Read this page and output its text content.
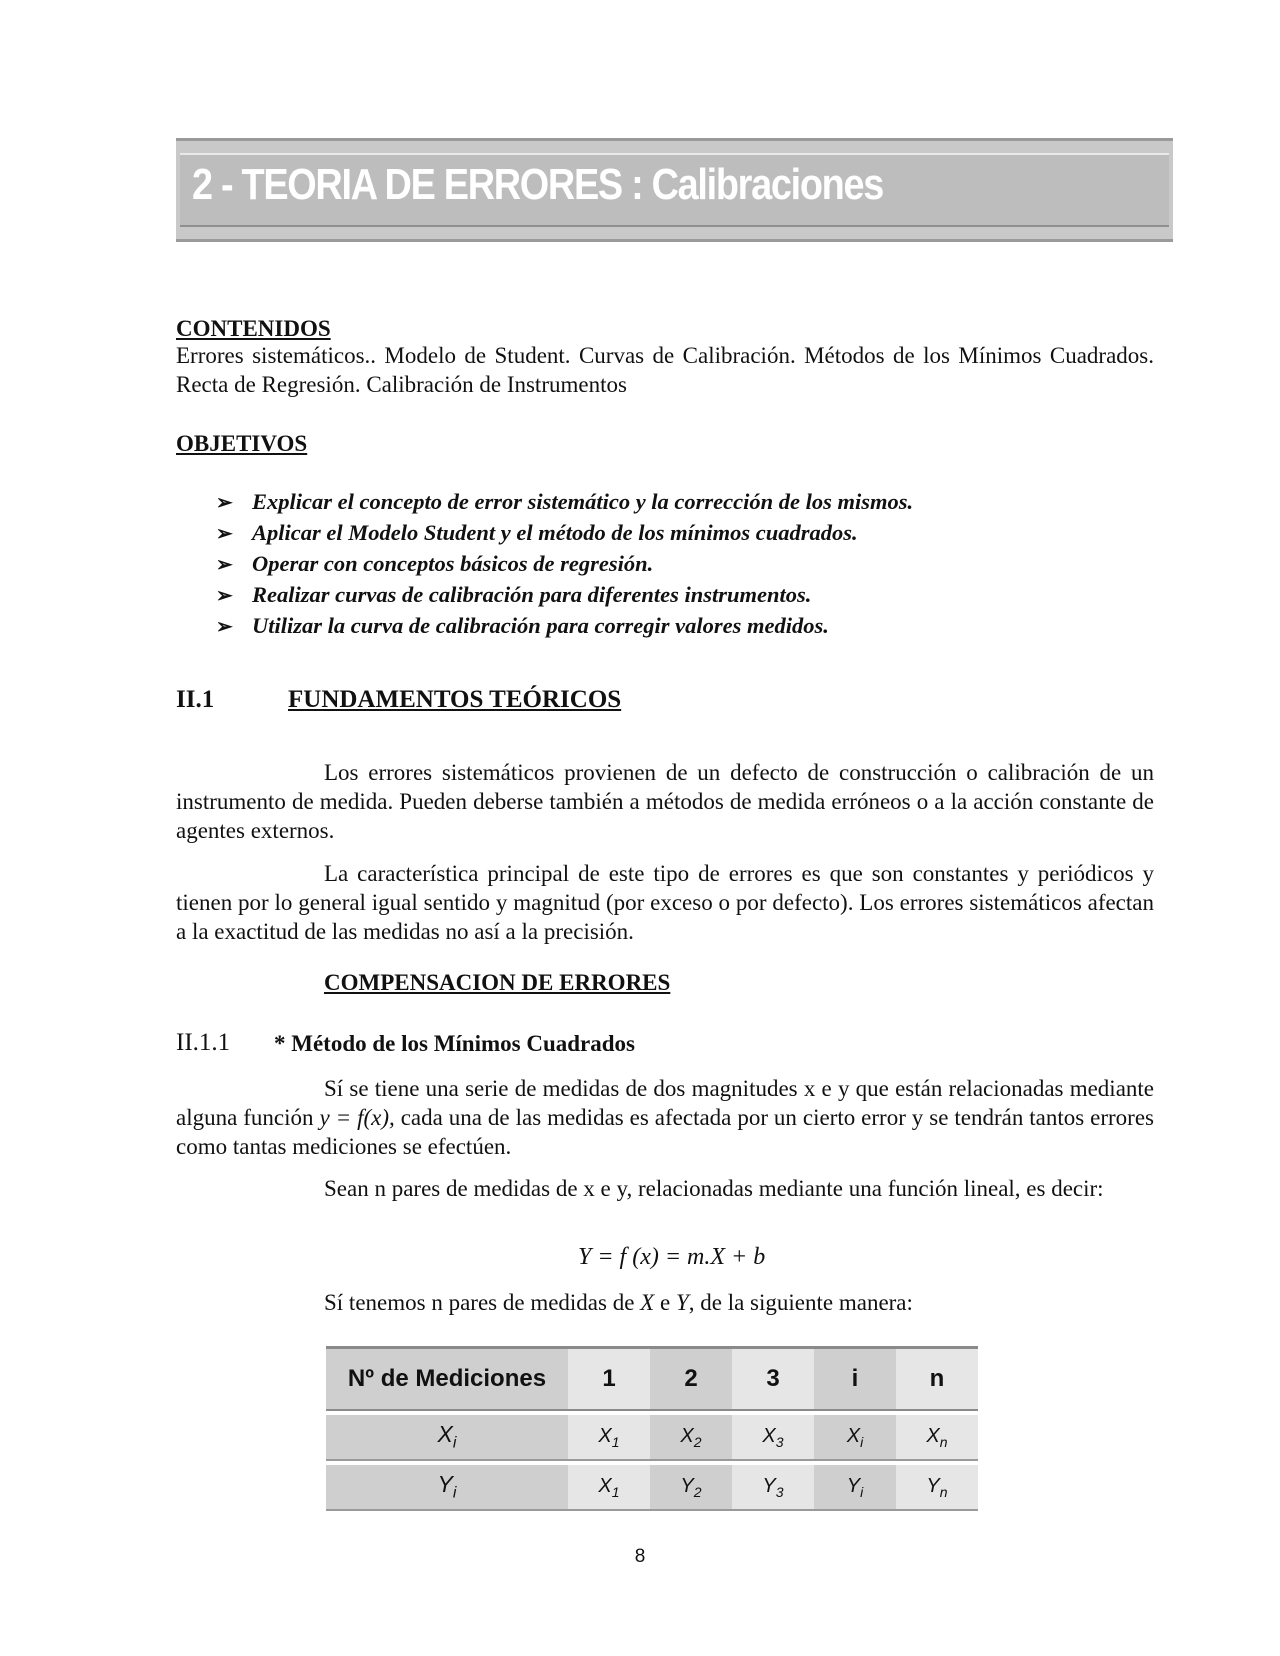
2 - TEORIA DE ERRORES : Calibraciones
CONTENIDOS
Errores sistemáticos.. Modelo de Student. Curvas de Calibración. Métodos de los Mínimos Cuadrados. Recta de Regresión. Calibración de Instrumentos
OBJETIVOS
➢ Explicar el concepto de error sistemático y la corrección de los mismos.
➢ Aplicar el Modelo Student y el método de los mínimos cuadrados.
➢ Operar con conceptos básicos de regresión.
➢ Realizar curvas de calibración para diferentes instrumentos.
➢ Utilizar la curva de calibración para corregir valores medidos.
II.1	FUNDAMENTOS TEÓRICOS
Los errores sistemáticos provienen de un defecto de construcción o calibración de un instrumento de medida. Pueden deberse también a métodos de medida erróneos o a la acción constante de agentes externos.
La característica principal de este tipo de errores es que son constantes y periódicos y tienen por lo general igual sentido y magnitud (por exceso o por defecto). Los errores sistemáticos afectan a la exactitud de las medidas no así a la precisión.
COMPENSACION DE ERRORES
II.1.1 * Método de los Mínimos Cuadrados
Sí se tiene una serie de medidas de dos magnitudes x e y que están relacionadas mediante alguna función y = f(x), cada una de las medidas es afectada por un cierto error y se tendrán tantos errores como tantas mediciones se efectúen.
Sean n pares de medidas de x e y, relacionadas mediante una función lineal, es decir:
Y = f (x) = m.X + b
Sí tenemos n pares de medidas de X e Y, de la siguiente manera:
Nº de Mediciones	1	2	3	i	n

$X_i$	$X_1$	$X_2$	$X_3$	$X_i$	$X_n$

$Y_i$	$X_1$	$Y_2$	$Y_3$	$Y_i$	$Y_n$
8
